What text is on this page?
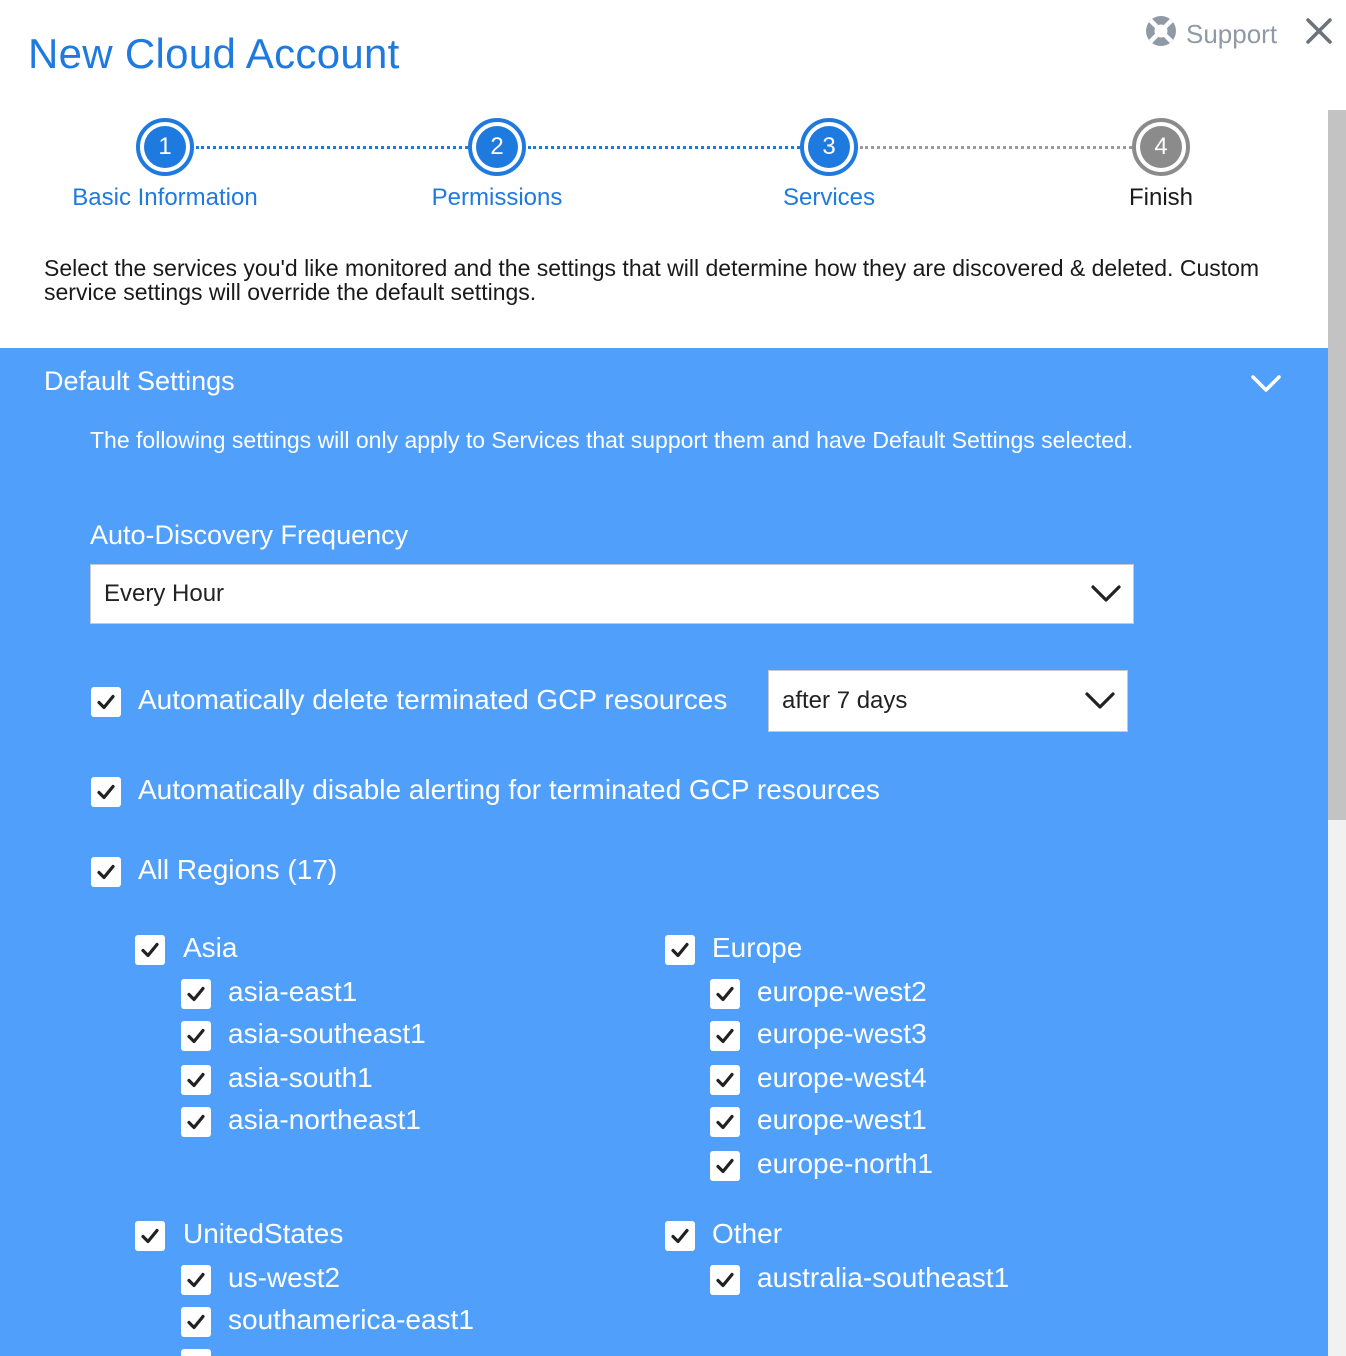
New Cloud Account	Support
1	2	3	4
Basic Information	Permissions	Services	Finish

Select the services you'd like monitored and the settings that will determine how they are discovered & deleted. Custom service settings will override the default settings.

Default Settings

The following settings will only apply to Services that support them and have Default Settings selected.

Auto-Discovery Frequency
Every Hour
Automatically delete terminated GCP resources	after 7 days
Automatically disable alerting for terminated GCP resources
All Regions (17)
Asia
asia-east1
asia-southeast1
asia-south1
asia-northeast1
Europe
europe-west2
europe-west3
europe-west4
europe-west1
europe-north1
UnitedStates
us-west2
southamerica-east1
Other
australia-southeast1
